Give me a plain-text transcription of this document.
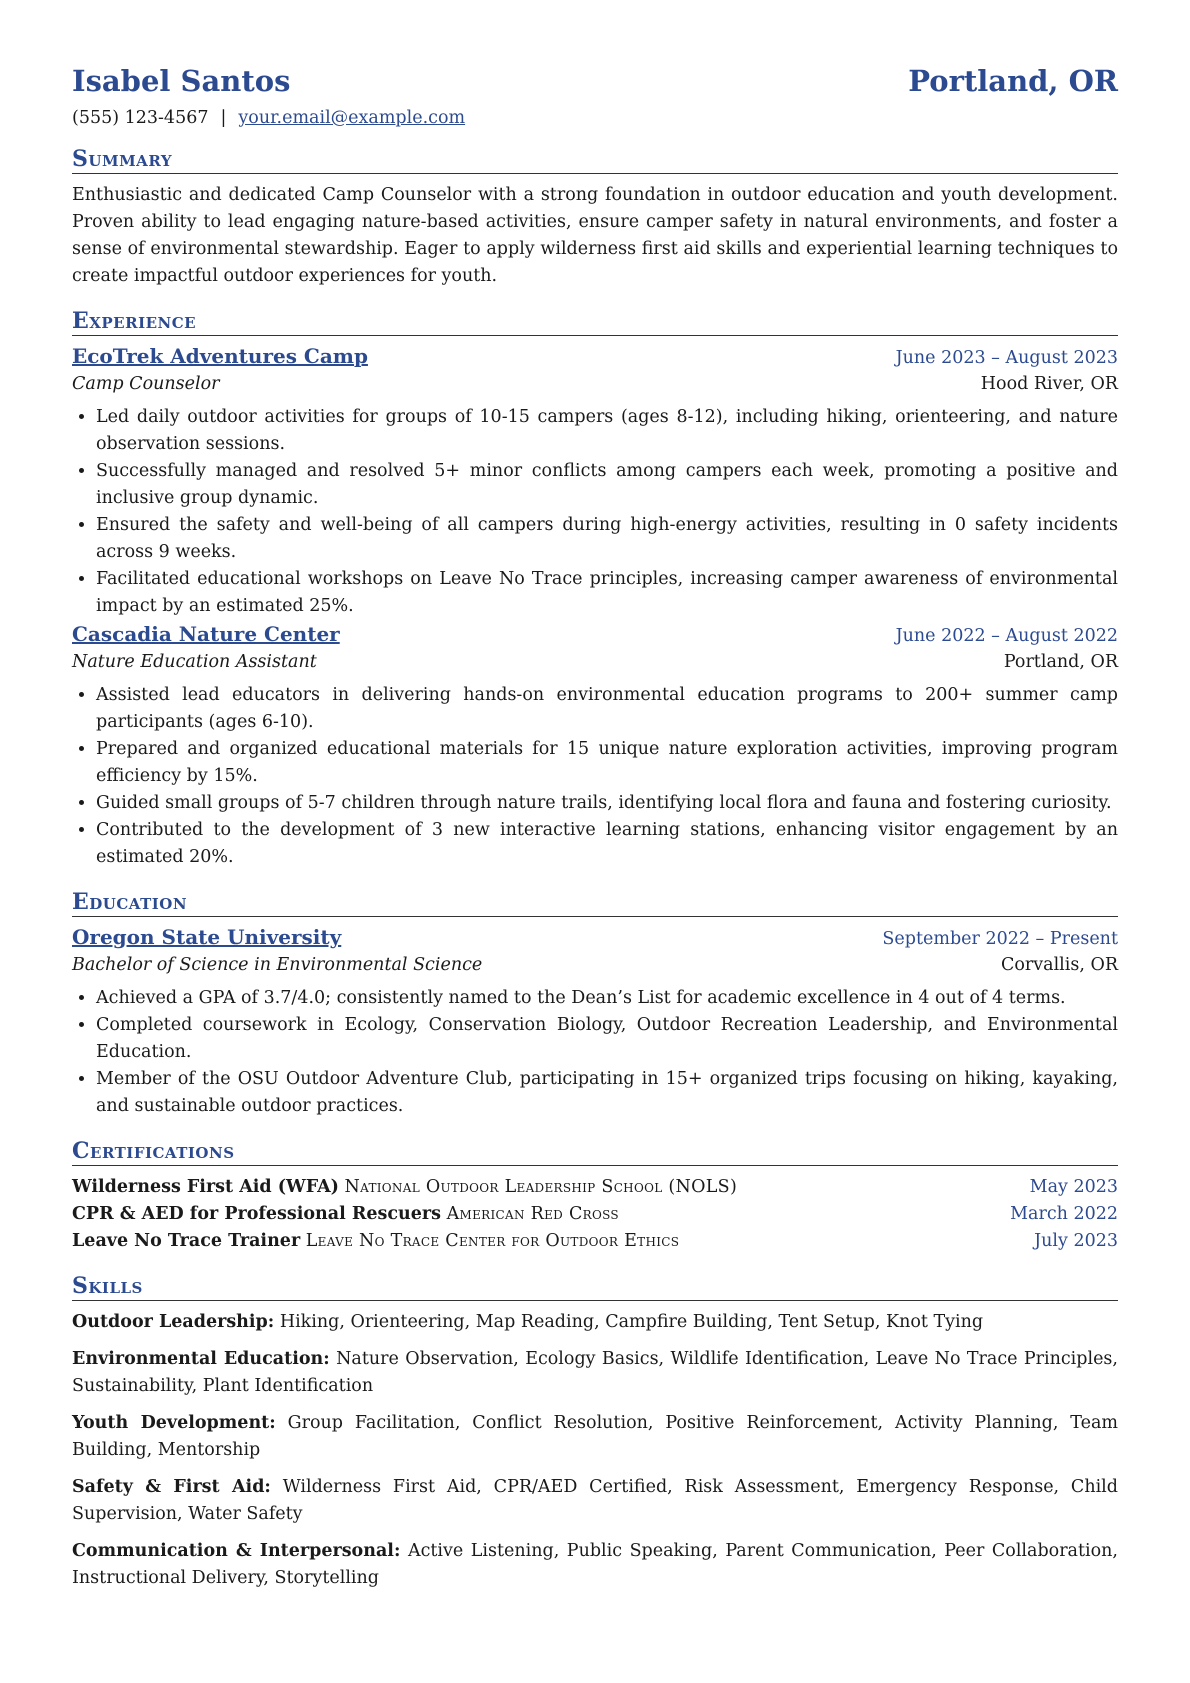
Isabel Santos	Portland, OR
(555) 123-4567 | your.email@example.com
Summary
Enthusiastic and dedicated Camp Counselor with a strong foundation in outdoor education and youth development. Proven ability to lead engaging nature-based activities, ensure camper safety in natural environments, and foster a sense of environmental stewardship. Eager to apply wilderness first aid skills and experiential learning techniques to create impactful outdoor experiences for youth.
Experience
EcoTrek Adventures Camp	June 2023 – August 2023
Camp Counselor	Hood River, OR
• Led daily outdoor activities for groups of 10-15 campers (ages 8-12), including hiking, orienteering, and nature observation sessions.
• Successfully managed and resolved 5+ minor conflicts among campers each week, promoting a positive and inclusive group dynamic.
• Ensured the safety and well-being of all campers during high-energy activities, resulting in 0 safety incidents across 9 weeks.
• Facilitated educational workshops on Leave No Trace principles, increasing camper awareness of environmental impact by an estimated 25%.
Cascadia Nature Center	June 2022 – August 2022
Nature Education Assistant	Portland, OR
• Assisted lead educators in delivering hands-on environmental education programs to 200+ summer camp participants (ages 6-10).
• Prepared and organized educational materials for 15 unique nature exploration activities, improving program efficiency by 15%.
• Guided small groups of 5-7 children through nature trails, identifying local flora and fauna and fostering curiosity.
• Contributed to the development of 3 new interactive learning stations, enhancing visitor engagement by an estimated 20%.
Education
Oregon State University	September 2022 – Present
Bachelor of Science in Environmental Science	Corvallis, OR
• Achieved a GPA of 3.7/4.0; consistently named to the Dean’s List for academic excellence in 4 out of 4 terms.
• Completed coursework in Ecology, Conservation Biology, Outdoor Recreation Leadership, and Environmental Education.
• Member of the OSU Outdoor Adventure Club, participating in 15+ organized trips focusing on hiking, kayaking, and sustainable outdoor practices.
Certifications
Wilderness First Aid (WFA) National Outdoor Leadership School (NOLS)	May 2023
CPR & AED for Professional Rescuers American Red Cross	March 2022
Leave No Trace Trainer Leave No Trace Center for Outdoor Ethics	July 2023
Skills
Outdoor Leadership: Hiking, Orienteering, Map Reading, Campfire Building, Tent Setup, Knot Tying
Environmental Education: Nature Observation, Ecology Basics, Wildlife Identification, Leave No Trace Principles, Sustainability, Plant Identification
Youth Development: Group Facilitation, Conflict Resolution, Positive Reinforcement, Activity Planning, Team Building, Mentorship
Safety & First Aid: Wilderness First Aid, CPR/AED Certified, Risk Assessment, Emergency Response, Child Supervision, Water Safety
Communication & Interpersonal: Active Listening, Public Speaking, Parent Communication, Peer Collaboration, Instructional Delivery, Storytelling
